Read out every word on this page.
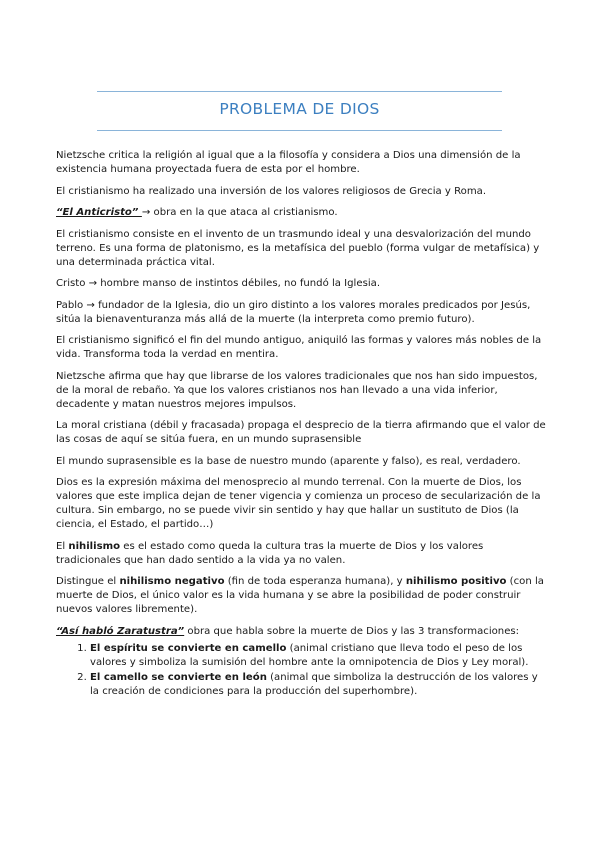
PROBLEMA DE DIOS

Nietzsche critica la religión al igual que a la filosofía y considera a Dios una dimensión de la existencia humana proyectada fuera de esta por el hombre.

El cristianismo ha realizado una inversión de los valores religiosos de Grecia y Roma.

“El Anticristo” → obra en la que ataca al cristianismo.

El cristianismo consiste en el invento de un trasmundo ideal y una desvalorización del mundo terreno. Es una forma de platonismo, es la metafísica del pueblo (forma vulgar de metafísica) y una determinada práctica vital.

Cristo → hombre manso de instintos débiles, no fundó la Iglesia.

Pablo → fundador de la Iglesia, dio un giro distinto a los valores morales predicados por Jesús, sitúa la bienaventuranza más allá de la muerte (la interpreta como premio futuro).

El cristianismo significó el fin del mundo antiguo, aniquiló las formas y valores más nobles de la vida. Transforma toda la verdad en mentira.

Nietzsche afirma que hay que librarse de los valores tradicionales que nos han sido impuestos, de la moral de rebaño. Ya que los valores cristianos nos han llevado a una vida inferior, decadente y matan nuestros mejores impulsos.

La moral cristiana (débil y fracasada) propaga el desprecio de la tierra afirmando que el valor de las cosas de aquí se sitúa fuera, en un mundo suprasensible

El mundo suprasensible es la base de nuestro mundo (aparente y falso), es real, verdadero.

Dios es la expresión máxima del menosprecio al mundo terrenal. Con la muerte de Dios, los valores que este implica dejan de tener vigencia y comienza un proceso de secularización de la cultura. Sin embargo, no se puede vivir sin sentido y hay que hallar un sustituto de Dios (la ciencia, el Estado, el partido…)

El nihilismo es el estado como queda la cultura tras la muerte de Dios y los valores tradicionales que han dado sentido a la vida ya no valen.

Distingue el nihilismo negativo (fin de toda esperanza humana), y nihilismo positivo (con la muerte de Dios, el único valor es la vida humana y se abre la posibilidad de poder construir nuevos valores libremente).

“Así habló Zaratustra” obra que habla sobre la muerte de Dios y las 3 transformaciones:

1. El espíritu se convierte en camello (animal cristiano que lleva todo el peso de los valores y simboliza la sumisión del hombre ante la omnipotencia de Dios y Ley moral).
2. El camello se convierte en león (animal que simboliza la destrucción de los valores y la creación de condiciones para la producción del superhombre).
